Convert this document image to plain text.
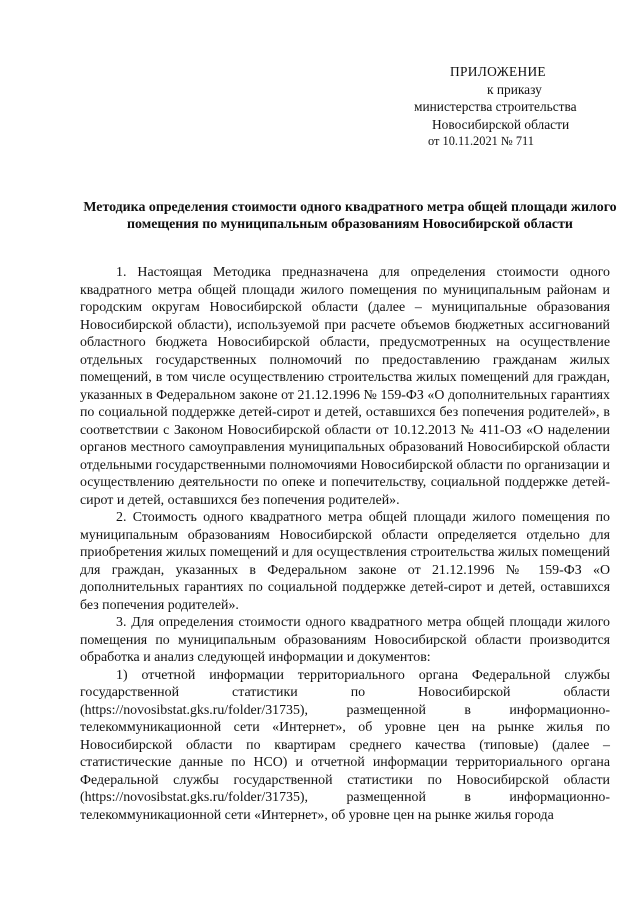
ПРИЛОЖЕНИЕ
к приказу
министерства строительства
Новосибирской области
от 10.11.2021 № 711
Методика определения стоимости одного квадратного метра общей площади жилого помещения по муниципальным образованиям Новосибирской области

1. Настоящая Методика предназначена для определения стоимости одного квадратного метра общей площади жилого помещения по муниципальным районам и городским округам Новосибирской области (далее – муниципальные образования Новосибирской области), используемой при расчете объемов бюджетных ассигнований областного бюджета Новосибирской области, предусмотренных на осуществление отдельных государственных полномочий по предоставлению гражданам жилых помещений, в том числе осуществлению строительства жилых помещений для граждан, указанных в Федеральном законе от 21.12.1996 № 159-ФЗ «О дополнительных гарантиях по социальной поддержке детей-сирот и детей, оставшихся без попечения родителей», в соответствии с Законом Новосибирской области от 10.12.2013 № 411-ОЗ «О наделении органов местного самоуправления муниципальных образований Новосибирской области отдельными государственными полномочиями Новосибирской области по организации и осуществлению деятельности по опеке и попечительству, социальной поддержке детей-сирот и детей, оставшихся без попечения родителей».

2. Стоимость одного квадратного метра общей площади жилого помещения по муниципальным образованиям Новосибирской области определяется отдельно для приобретения жилых помещений и для осуществления строительства жилых помещений для граждан, указанных в Федеральном законе от 21.12.1996 № 159-ФЗ «О дополнительных гарантиях по социальной поддержке детей-сирот и детей, оставшихся без попечения родителей».

3. Для определения стоимости одного квадратного метра общей площади жилого помещения по муниципальным образованиям Новосибирской области производится обработка и анализ следующей информации и документов:

1) отчетной информации территориального органа Федеральной службы государственной статистики по Новосибирской области (https://novosibstat.gks.ru/folder/31735), размещенной в информационно-телекоммуникационной сети «Интернет», об уровне цен на рынке жилья по Новосибирской области по квартирам среднего качества (типовые) (далее – статистические данные по НСО) и отчетной информации территориального органа Федеральной службы государственной статистики по Новосибирской области (https://novosibstat.gks.ru/folder/31735), размещенной в информационно-телекоммуникационной сети «Интернет», об уровне цен на рынке жилья города
